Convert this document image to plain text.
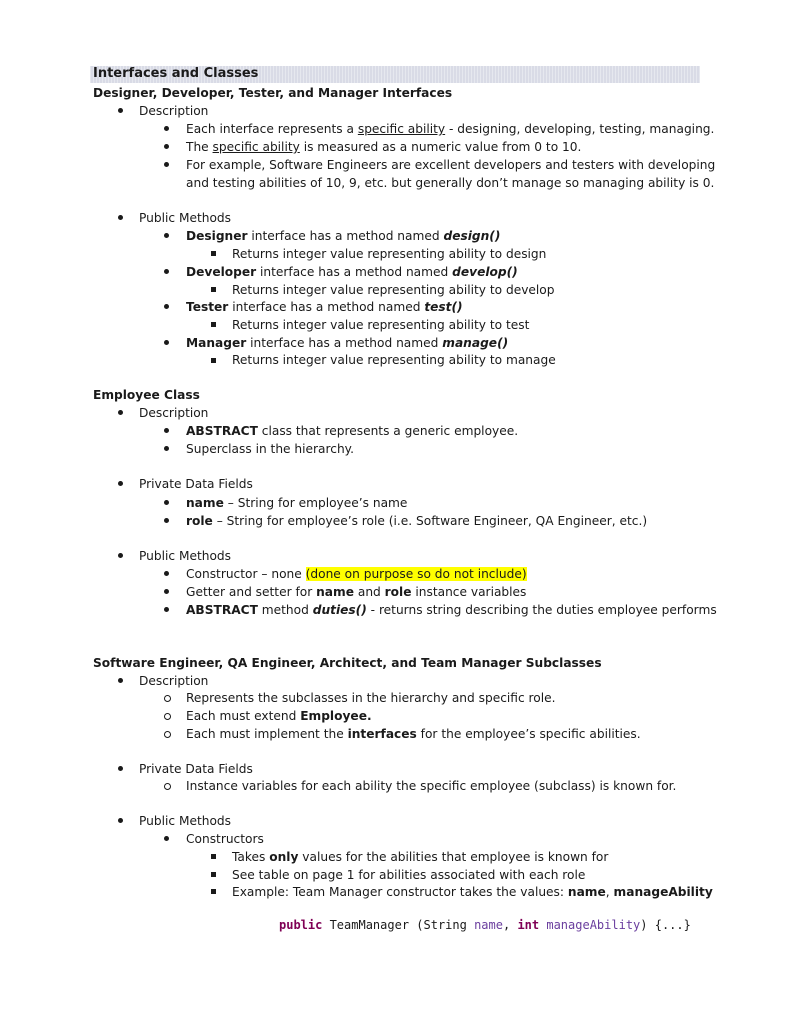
Interfaces and Classes
Designer, Developer, Tester, and Manager Interfaces
Description
Each interface represents a specific ability - designing, developing, testing, managing.
The specific ability is measured as a numeric value from 0 to 10.
For example, Software Engineers are excellent developers and testers with developing
and testing abilities of 10, 9, etc. but generally don’t manage so managing ability is 0.
Public Methods
Designer interface has a method named design()
Returns integer value representing ability to design
Developer interface has a method named develop()
Returns integer value representing ability to develop
Tester interface has a method named test()
Returns integer value representing ability to test
Manager interface has a method named manage()
Returns integer value representing ability to manage
Employee Class
Description
ABSTRACT class that represents a generic employee.
Superclass in the hierarchy.
Private Data Fields
name – String for employee’s name
role – String for employee’s role (i.e. Software Engineer, QA Engineer, etc.)
Public Methods
Constructor – none (done on purpose so do not include)
Getter and setter for name and role instance variables
ABSTRACT method duties() - returns string describing the duties employee performs
Software Engineer, QA Engineer, Architect, and Team Manager Subclasses
Description
Represents the subclasses in the hierarchy and specific role.
Each must extend Employee.
Each must implement the interfaces for the employee’s specific abilities.
Private Data Fields
Instance variables for each ability the specific employee (subclass) is known for.
Public Methods
Constructors
Takes only values for the abilities that employee is known for
See table on page 1 for abilities associated with each role
Example: Team Manager constructor takes the values: name, manageAbility
public TeamManager (String name, int manageAbility) {...}
